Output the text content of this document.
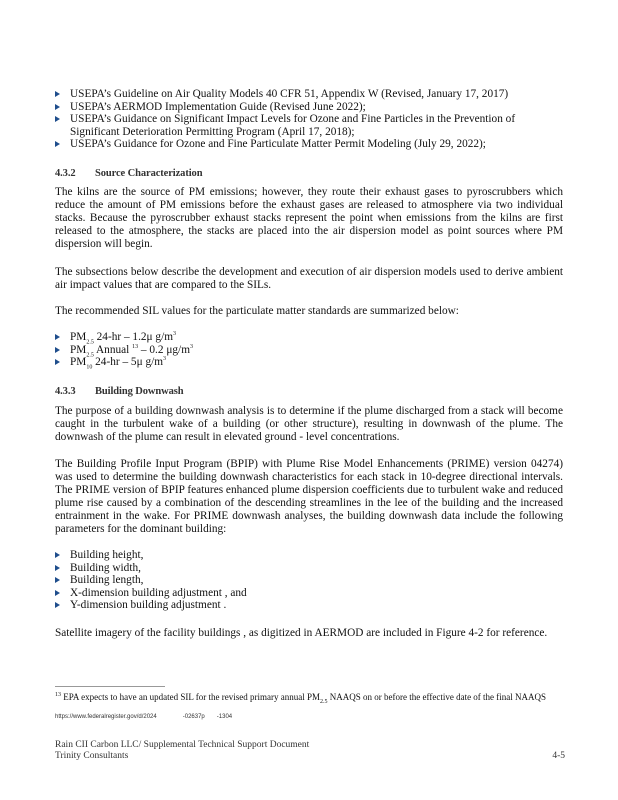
USEPA’s Guideline on Air Quality Models 40 CFR 51, Appendix W (Revised, January 17, 2017)
USEPA’s AERMOD Implementation Guide (Revised June 2022);
USEPA’s Guidance on Significant Impact Levels for Ozone and Fine Particles in the Prevention of Significant Deterioration Permitting Program (April 17, 2018);
USEPA’s Guidance for Ozone and Fine Particulate Matter Permit Modeling (July 29, 2022);
4.3.2 Source Characterization

The kilns are the source of PM emissions; however, they route their exhaust gases to pyroscrubbers which reduce the amount of PM emissions before the exhaust gases are released to atmosphere via two individual stacks. Because the pyroscrubber exhaust stacks represent the point when emissions from the kilns are first released to the atmosphere, the stacks are placed into the air dispersion model as point sources where PM dispersion will begin.

The subsections below describe the development and execution of air dispersion models used to derive ambient air impact values that are compared to the SILs.

The recommended SIL values for the particulate matter standards are summarized below:

$PM_{2.5}$ 24-hr – 1.2μ $g/m^3$
$PM_{2.5}$ Annual $^{13}$ – 0.2 $\mu g/m^3$
$PM_{10}$ 24-hr – 5μ $g/m^3$
4.3.3 Building Downwash

The purpose of a building downwash analysis is to determine if the plume discharged from a stack will become caught in the turbulent wake of a building (or other structure), resulting in downwash of the plume. The downwash of the plume can result in elevated ground - level concentrations.

The Building Profile Input Program (BPIP) with Plume Rise Model Enhancements (PRIME) version 04274) was used to determine the building downwash characteristics for each stack in 10-degree directional intervals. The PRIME version of BPIP features enhanced plume dispersion coefficients due to turbulent wake and reduced plume rise caused by a combination of the descending streamlines in the lee of the building and the increased entrainment in the wake. For PRIME downwash analyses, the building downwash data include the following parameters for the dominant building:

Building height,
Building width,
Building length,
X-dimension building adjustment , and
Y-dimension building adjustment .

Satellite imagery of the facility buildings , as digitized in AERMOD are included in Figure 4-2 for reference.

$^{13}$ EPA expects to have an updated SIL for the revised primary annual $PM_{2.5}$ NAAQS on or before the effective date of the final NAAQS
https://www.federalregister.gov/d/2024	-02637p -1304
Rain CII Carbon LLC/ Supplemental Technical Support Document
Trinity Consultants	4-5
